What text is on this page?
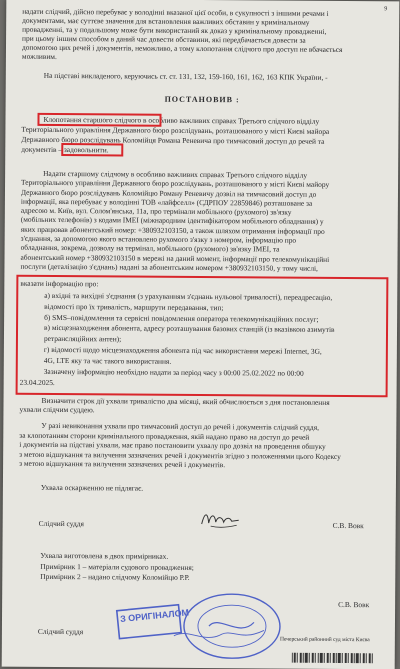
9
надати слідчий, дійсно перебуває у володінні вказаної цієї особи, в сукупності з іншими речами і
документами, має суттєве значення для встановлення важливих обставин у кримінальному
провадженні, та у подальшому може бути використаний як доказ у кримінальному провадженні,
при цьому іншим способом в даний час довести обставини, які передбачається довести за
допомогою цих речей і документів, неможливо, а тому клопотання слідчого про доступ не вбачається
можливим.
На підставі викладеного, керуючись ст. ст. 131, 132, 159-160, 161, 162, 163 КПК України, -
ПОСТАНОВИВ :
Клопотання старшого слідчого в особливо важливих справах Третього слідчого відділу
Територіального управління Державного бюро розслідувань, розташованого у місті Києві майора
Державного бюро розслідувань Коломійця Романа Реневича про тимчасовий доступ до речей та
документів – задовольнити.
Надати старшому слідчому в особливо важливих справах Третього слідчого відділу
Територіального управління Державного бюро розслідувань, розташованого у місті Києві майору
Державного бюро розслідувань Коломійцю Роману Реневичу дозвіл на тимчасовий доступ до
інформації, яка перебуває у володінні ТОВ «лайфселл» (СДРПОУ 22859846) розташоване за
адресою м. Київ, вул. Солом'янська, 11а, про термінали мобільного (рухомого) зв'язку
(мобільних телефонів) з кодами IMEI (міжнародним ідентифікатором мобільного обладнання) у
яких працював абонентський номер: +380932103150, а також шляхом отримання інформації про
з'єднання, за допомогою якого встановлено рухомого з'язку з номером, інформацію про
обладнання, зокрема, дозволу на термінал, мобільного (рухомого) зв'язку IMEI, та
абонентський номер +380932103150 в мережі на даний момент, інформації про телекомунікаційні
послуги (деталізацію з'єднань) надані за абонентським номером +380932103150, у тому числі,
вказати інформацію про:
а) вхідні та вихідні з'єднання (з урахуванням з'єднань нульової тривалості), переадресацію,
відомості про їх тривалість, маршрути передавання, тип;
б) SMS–повідомлення та сервісні повідомлення оператора телекомунікаційних послуг;
в) місцезнаходження абонента, адресу розташування базових станцій (із вказівкою азимутів
ретрансляційних антен);
г) відомості щодо місцезнаходження абонента під час використання мережі Internet, 3G,
4G, LTE яку та час такого використання.
Зазначену інформацію необхідно надати за період часу з 00:00 25.02.2022 по 00:00
23.04.2025.
Визначити строк дії ухвали тривалістю два місяці, який обчислюється з дня постановлення
ухвали слідчим суддею.
У разі невиконання ухвали про тимчасовий доступ до речей і документів слідчий суддя,
за клопотанням сторони кримінального провадження, якій надано право на доступ до речей
і документів на підставі ухвали, має право постановити ухвалу про дозвіл на проведення обшуку
з метою відшукання та вилучення зазначених речей і документів згідно з положеннями цього Кодексу
з метою відшукання та вилучення зазначених речей і документів.
Ухвала оскарженню не підлягає.
Слідчий суддя	С.В. Вовк
Ухвала виготовлена в двох примірниках.
Примірник 1 – матеріали судового провадження;
Примірник 2 – надано слідчому Коломійцю Р.Р.
С.В. Вовк
Слідчий суддя
З ОРИГІНАЛОМ
Печерський районний суд міста Києва
